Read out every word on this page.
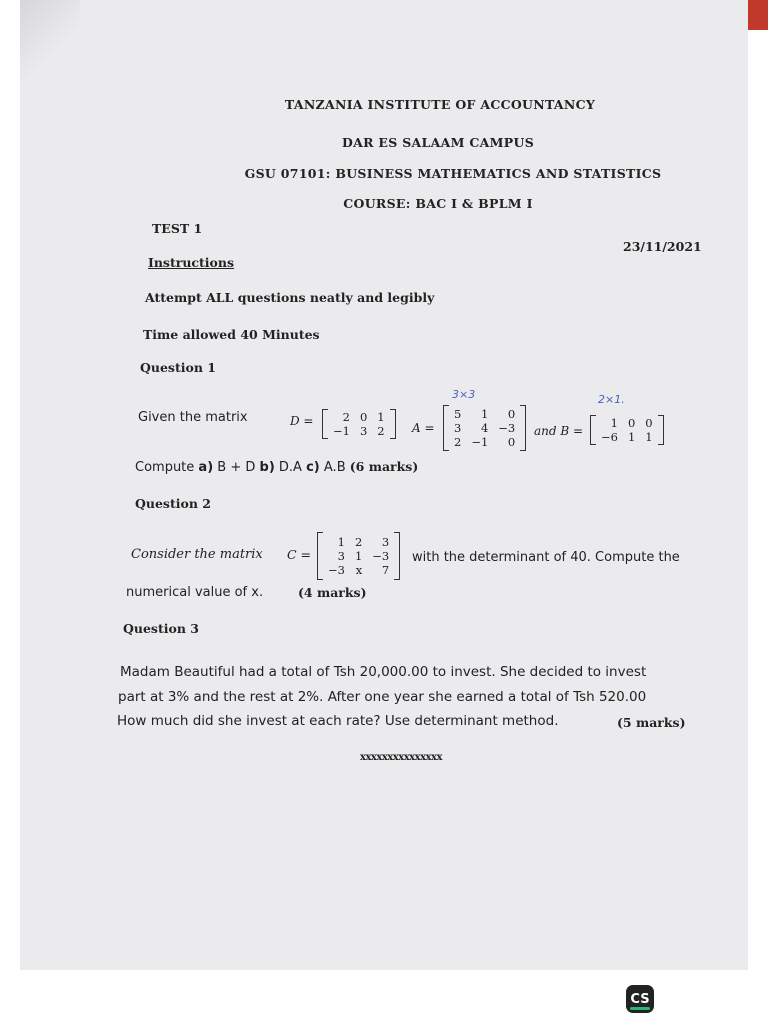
TANZANIA INSTITUTE OF ACCOUNTANCY
DAR ES SALAAM CAMPUS
GSU 07101: BUSINESS MATHEMATICS AND STATISTICS
COURSE: BAC I & BPLM I
TEST 1
23/11/2021
Instructions
Attempt ALL questions neatly and legibly
Time allowed 40 Minutes
Question 1
Given the matrix	D =	2	0	1
−1	3	2
3×3
A =
5	1	0
3	4	−3
2	−1	0
and B =
2×1.
1	0	0
−6	1	1
Compute a) B + D b) D.A c) A.B (6 marks)
Question 2
Consider the matrix C =
1	2	3
3	1	−3
−3	x	7
with the determinant of 40. Compute the
numerical value of x.	(4 marks)
Question 3
Madam Beautiful had a total of Tsh 20,000.00 to invest. She decided to invest
part at 3% and the rest at 2%. After one year she earned a total of Tsh 520.00
How much did she invest at each rate? Use determinant method.	(5 marks)
xxxxxxxxxxxxxxx
CS
